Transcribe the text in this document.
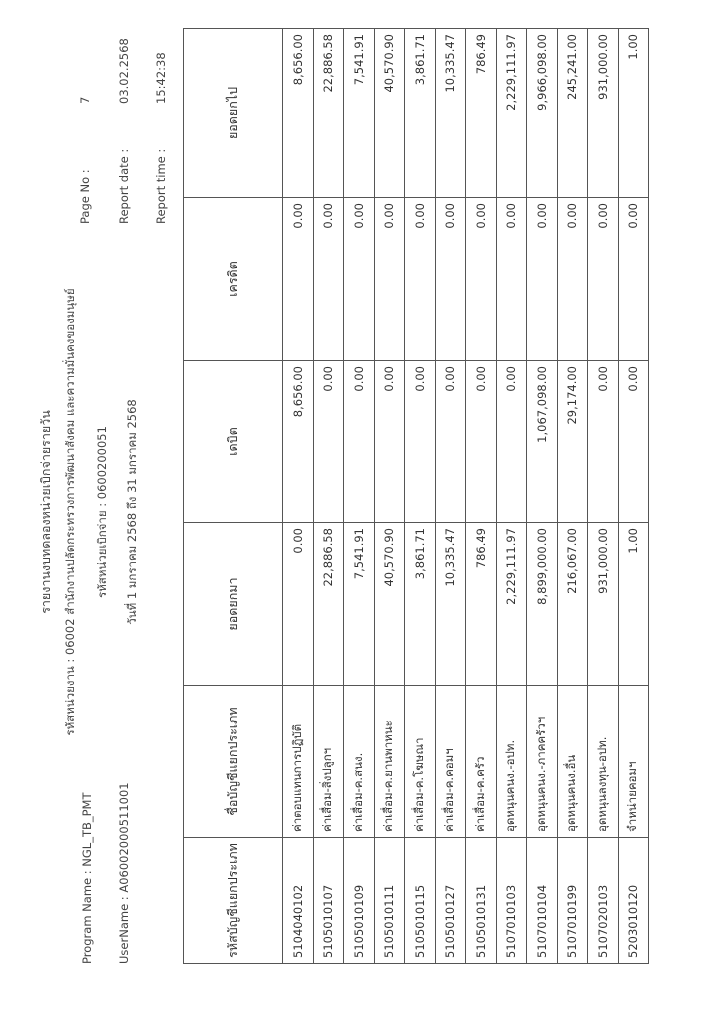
รายงานงบทดลองหน่วยเบิกจ่ายรายวัน รหัสหน่วยงาน : 06002 สำนักงานปลัดกระทรวงการพัฒนาสังคม และความมั่นคงของมนุษย์ รหัสหน่วยเบิกจ่าย : 0600200051 วันที่ 1 มกราคม 2568 ถึง 31 มกราคม 2568
Program Name : NGL_TB_PMT UserName : A06002000511001
Page No :
7
Report date :
03.02.2568
Report time :
15:42:38
รหัสบัญชีแยกประเภท	ชื่อบัญชีแยกประเภท	ยอดยกมา	เดบิต	เครดิต	ยอดยกไป
5104040102	ค่าตอบแทนการปฏิบัติ	0.00	8,656.00	0.00	8,656.00
5105010107	ค่าเสื่อม-สิ่งปลูกฯ	22,886.58	0.00	0.00	22,886.58
5105010109	ค่าเสื่อม-ค.สนง.	7,541.91	0.00	0.00	7,541.91
5105010111	ค่าเสื่อม-ค.ยานพาหนะ	40,570.90	0.00	0.00	40,570.90
5105010115	ค่าเสื่อม-ค.โฆษณา	3,861.71	0.00	0.00	3,861.71
5105010127	ค่าเสื่อม-ค.คอมฯ	10,335.47	0.00	0.00	10,335.47
5105010131	ค่าเสื่อม-ค.ครัว	786.49	0.00	0.00	786.49
5107010103	อุดหนุนคนง.-อปท.	2,229,111.97	0.00	0.00	2,229,111.97
5107010104	อุดหนุนคนง.-ภาคครัวฯ	8,899,000.00	1,067,098.00	0.00	9,966,098.00
5107010199	อุดหนุนคนง.อื่น	216,067.00	29,174.00	0.00	245,241.00
5107020103	อุดหนุนลงทุน-อปท.	931,000.00	0.00	0.00	931,000.00
5203010120	จำหน่ายคอมฯ	1.00	0.00	0.00	1.00
